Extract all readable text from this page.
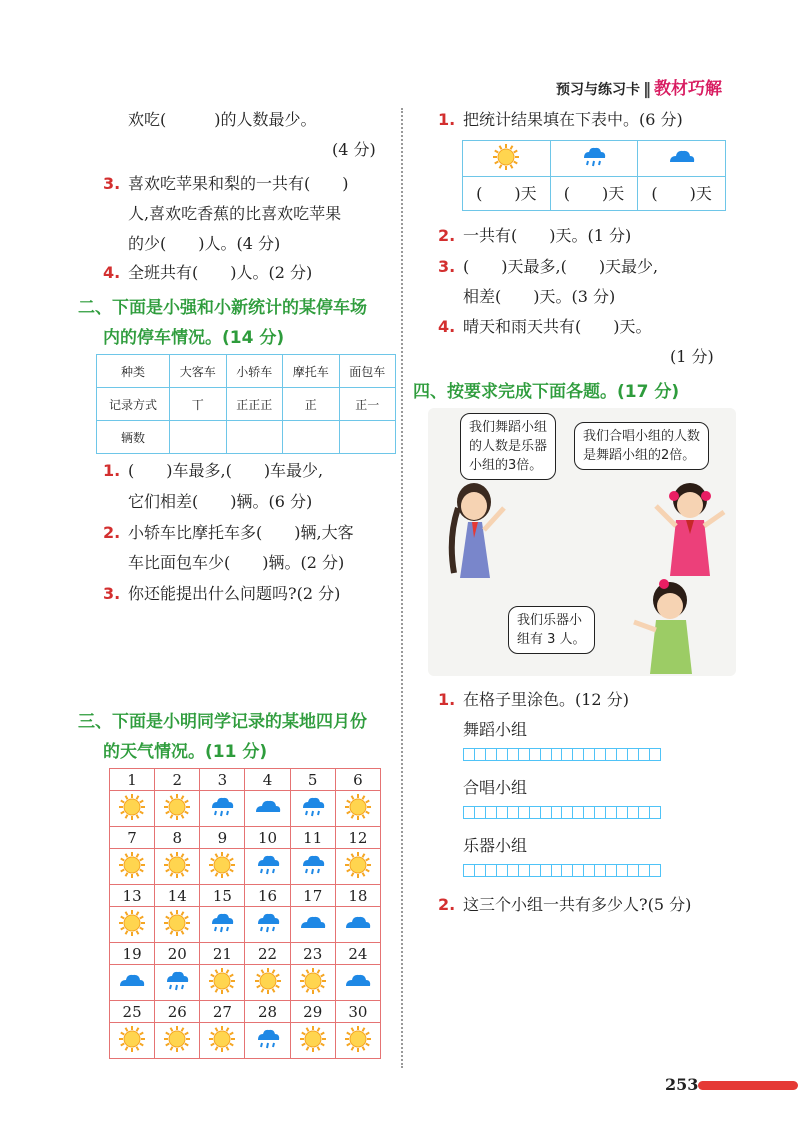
预习与练习卡 ‖ 教材巧解
欢吃(　　　)的人数最少。
(4 分)
3. 喜欢吃苹果和梨的一共有(　　)
人,喜欢吃香蕉的比喜欢吃苹果
的少(　　)人。(4 分)
4. 全班共有(　　)人。(2 分)
二、下面是小强和小新统计的某停车场
内的停车情况。(14 分)
种类	大客车	小轿车	摩托车	面包车
记录方式	丅	正正正	正	正一
辆数				
1. (　　)车最多,(　　)车最少,
它们相差(　　)辆。(6 分)
2. 小轿车比摩托车多(　　)辆,大客
车比面包车少(　　)辆。(2 分)
3. 你还能提出什么问题吗?(2 分)
三、下面是小明同学记录的某地四月份
的天气情况。(11 分)
1	2	3	4	5	6

7	8	9	10	11	12

13	14	15	16	17	18

19	20	21	22	23	24

25	26	27	28	29	30

1. 把统计结果填在下表中。(6 分)

(　　)天	(　　)天	(　　)天
2. 一共有(　　)天。(1 分)
3. (　　)天最多,(　　)天最少,
相差(　　)天。(3 分)
4. 晴天和雨天共有(　　)天。
(1 分)
四、按要求完成下面各题。(17 分)
我们舞蹈小组
的人数是乐器
小组的3倍。
我们合唱小组的人数
是舞蹈小组的2倍。
我们乐器小
组有 3 人。
1. 在格子里涂色。(12 分)
舞蹈小组
合唱小组
乐器小组
2. 这三个小组一共有多少人?(5 分)
253
